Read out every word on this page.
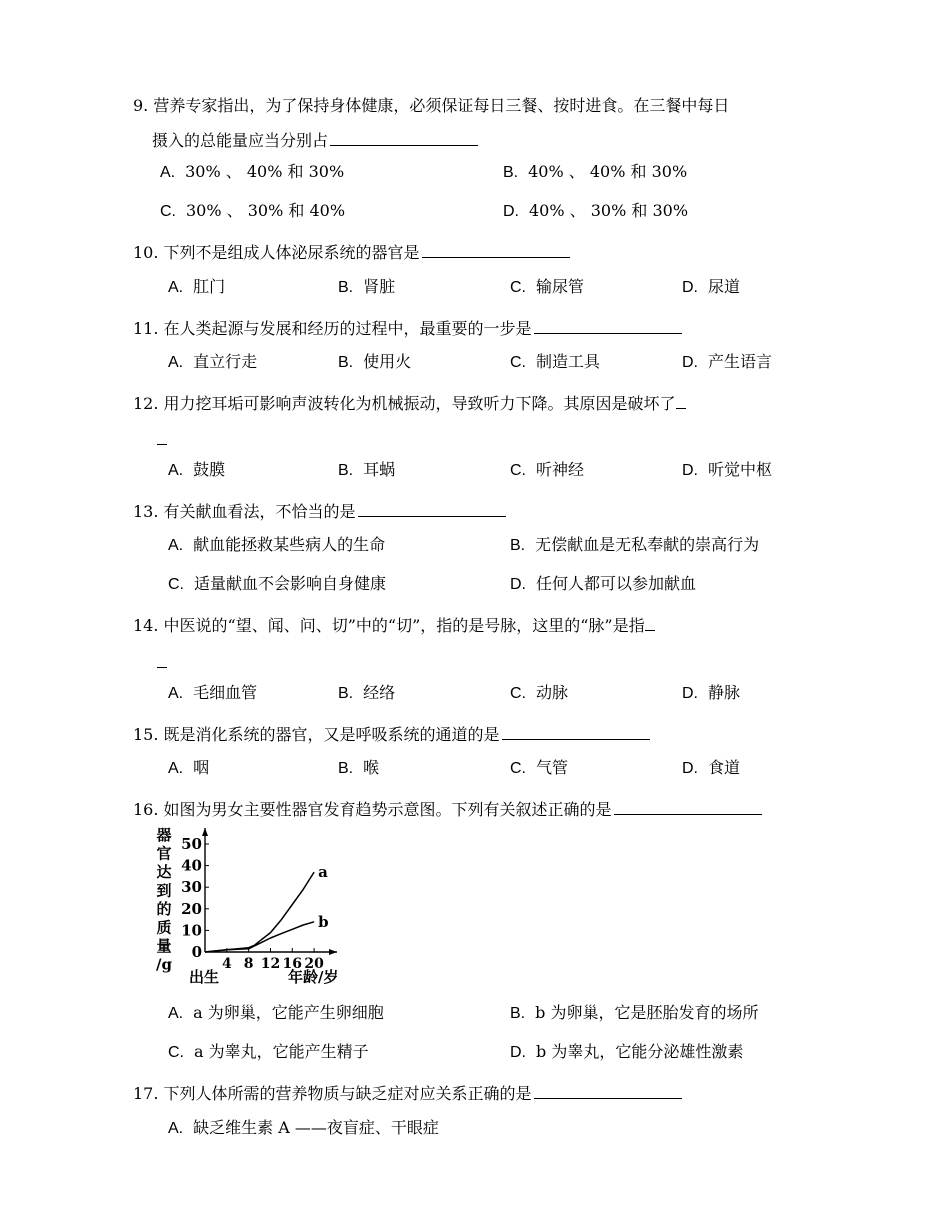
9. 营养专家指出，为了保持身体健康，必须保证每日三餐、按时进食。在三餐中每日
摄入的总能量应当分别占
A. 30% 、 40% 和 30%	B. 40% 、 40% 和 30%
C. 30% 、 30% 和 40%	D. 40% 、 30% 和 30%
10. 下列不是组成人体泌尿系统的器官是
A. 肛门	B. 肾脏	C. 输尿管	D. 尿道
11. 在人类起源与发展和经历的过程中，最重要的一步是
A. 直立行走	B. 使用火	C. 制造工具	D. 产生语言
12. 用力挖耳垢可影响声波转化为机械振动，导致听力下降。其原因是破坏了
A. 鼓膜	B. 耳蜗	C. 听神经	D. 听觉中枢
13. 有关献血看法，不恰当的是
A. 献血能拯救某些病人的生命	B. 无偿献血是无私奉献的崇高行为
C. 适量献血不会影响自身健康	D. 任何人都可以参加献血
14. 中医说的“望、闻、问、切”中的“切”，指的是号脉，这里的“脉”是指
A. 毛细血管	B. 经络	C. 动脉	D. 静脉
15. 既是消化系统的器官，又是呼吸系统的通道的是
A. 咽	B. 喉	C. 气管	D. 食道
16. 如图为男女主要性器官发育趋势示意图。下列有关叙述正确的是
0
10
20
30
40
50
4 8 12 16 20
出生	年龄/岁
器
官
达
到
的
质
量
/g
a
b
A. a 为卵巢，它能产生卵细胞	B. b 为卵巢，它是胚胎发育的场所
C. a 为睾丸，它能产生精子	D. b 为睾丸，它能分泌雄性激素
17. 下列人体所需的营养物质与缺乏症对应关系正确的是
A. 缺乏维生素 A ——夜盲症、干眼症
